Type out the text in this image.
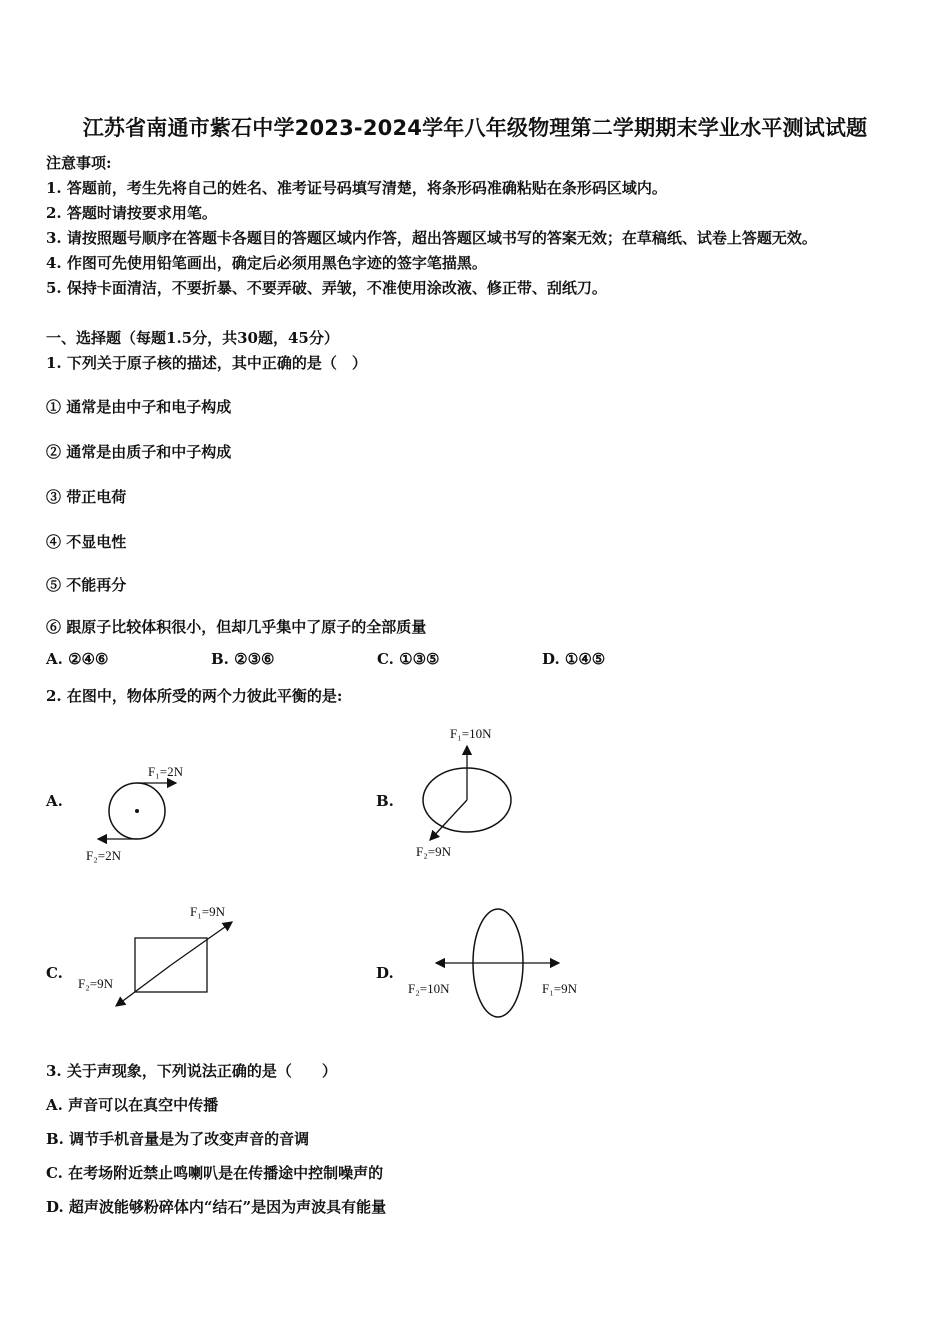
江苏省南通市紫石中学2023-2024学年八年级物理第二学期期末学业水平测试试题
注意事项:
1. 答题前，考生先将自己的姓名、准考证号码填写清楚，将条形码准确粘贴在条形码区域内。
2. 答题时请按要求用笔。
3. 请按照题号顺序在答题卡各题目的答题区域内作答，超出答题区域书写的答案无效；在草稿纸、试卷上答题无效。
4. 作图可先使用铅笔画出，确定后必须用黑色字迹的签字笔描黑。
5. 保持卡面清洁，不要折暴、不要弄破、弄皱，不准使用涂改液、修正带、刮纸刀。
一、选择题（每题1.5分，共30题，45分）
1. 下列关于原子核的描述，其中正确的是（　）
① 通常是由中子和电子构成
② 通常是由质子和中子构成
③ 带正电荷
④ 不显电性
⑤ 不能再分
⑥ 跟原子比较体积很小，但却几乎集中了原子的全部质量
A. ②④⑥	B. ②③⑥	C. ①③⑤	D. ①④⑤
2. 在图中，物体所受的两个力彼此平衡的是:
A.
F₁=2N
F₂=2N
B.
F₁=10N
F₂=9N
C.
F₁=9N
F₂=9N
D.
F₁=9N
F₂=10N
3. 关于声现象，下列说法正确的是（　　）
A. 声音可以在真空中传播
B. 调节手机音量是为了改变声音的音调
C. 在考场附近禁止鸣喇叭是在传播途中控制噪声的
D. 超声波能够粉碎体内“结石”是因为声波具有能量
